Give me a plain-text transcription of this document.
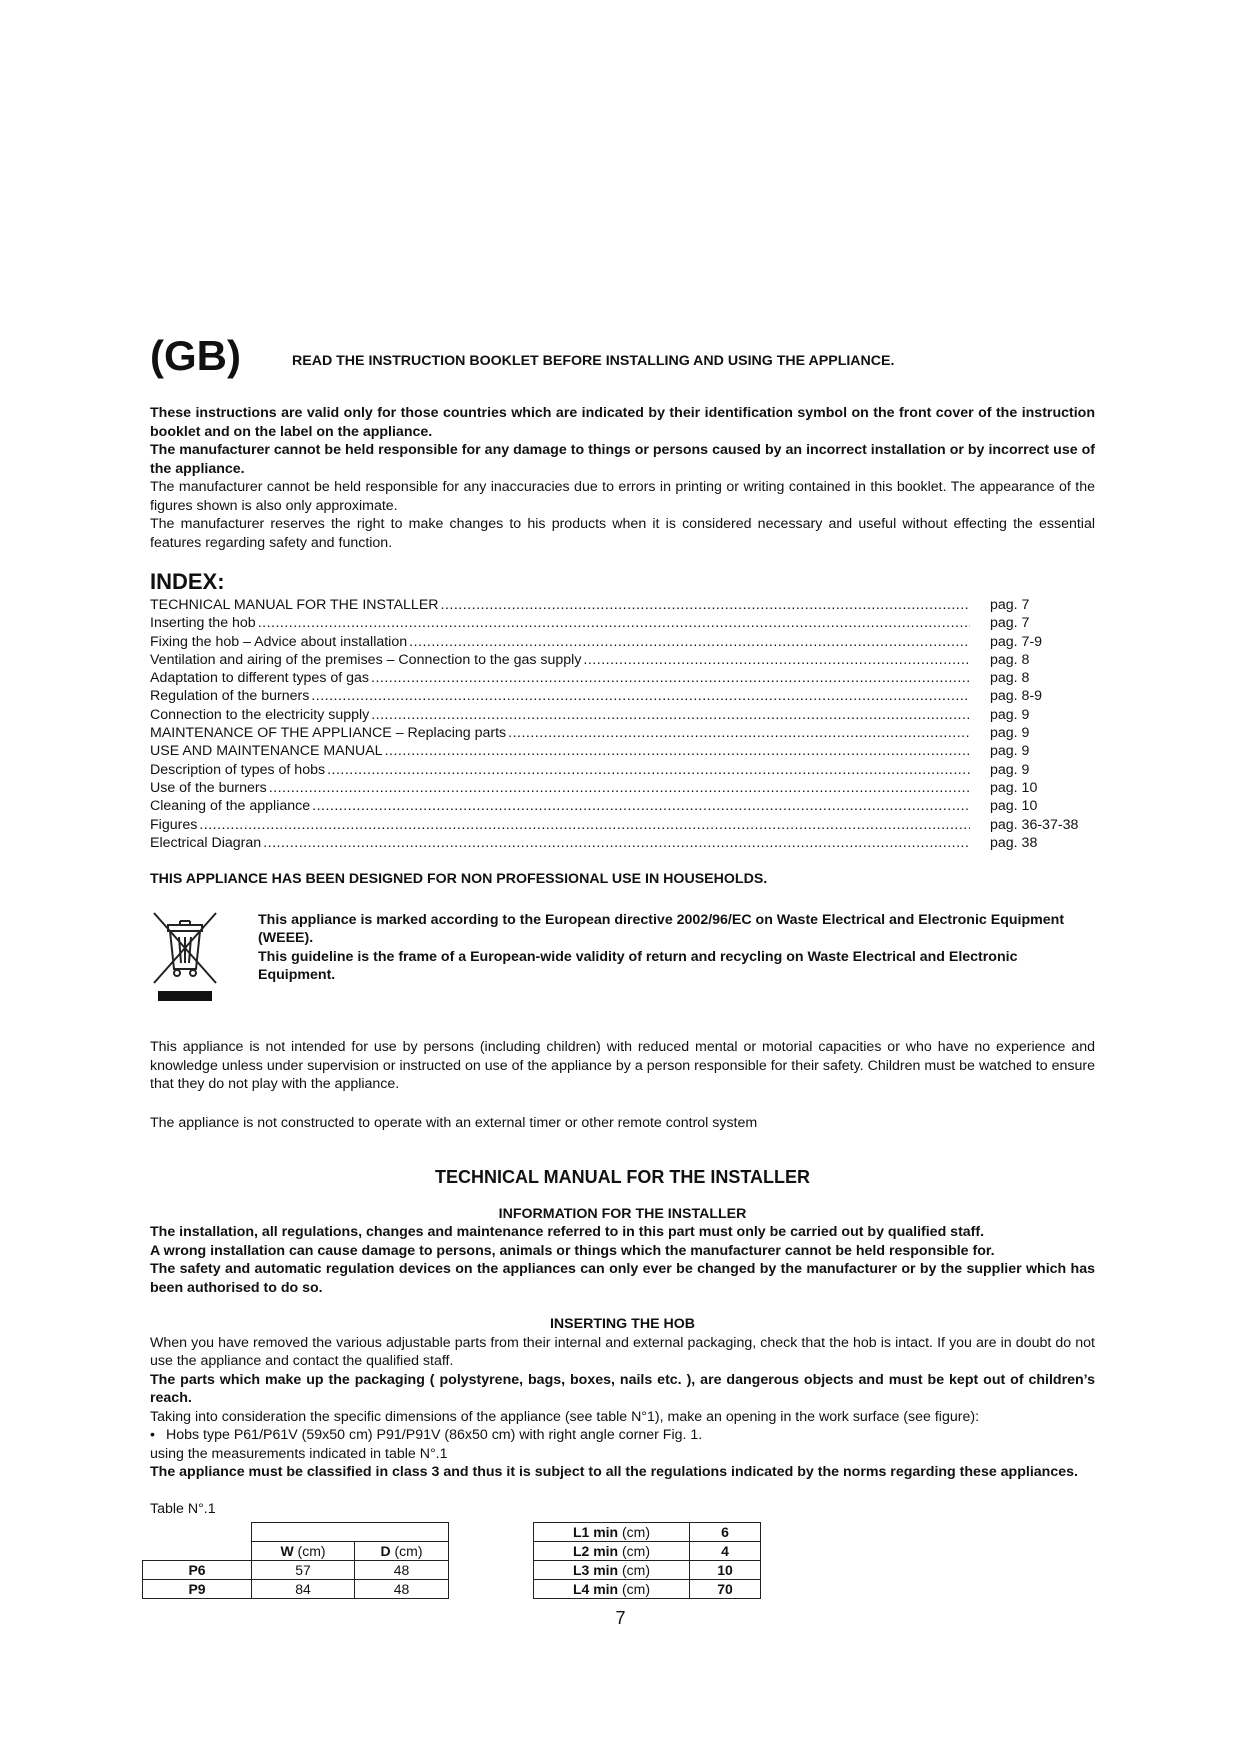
(GB)	READ THE INSTRUCTION BOOKLET BEFORE INSTALLING AND USING THE APPLIANCE.

These instructions are valid only for those countries which are indicated by their identification symbol on the front cover of the instruction booklet and on the label on the appliance.

The manufacturer cannot be held responsible for any damage to things or persons caused by an incorrect installation or by incorrect use of the appliance.

The manufacturer cannot be held responsible for any inaccuracies due to errors in printing or writing contained in this booklet. The appearance of the figures shown is also only approximate.

The manufacturer reserves the right to make changes to his products when it is considered necessary and useful without effecting the essential features regarding safety and function.

INDEX:
TECHNICAL MANUAL FOR THE INSTALLER .....	pag. 7
Inserting the hob .....	pag. 7
Fixing the hob – Advice about installation .....	pag. 7-9
Ventilation and airing of the premises – Connection to the gas supply .....	pag. 8
Adaptation to different types of gas .....	pag. 8
Regulation of the burners .....	pag. 8-9
Connection to the electricity supply .....	pag. 9
MAINTENANCE OF THE APPLIANCE – Replacing parts .....	pag. 9
USE AND MAINTENANCE MANUAL .....	pag. 9
Description of types of hobs .....	pag. 9
Use of the burners .....	pag. 10
Cleaning of the appliance .....	pag. 10
Figures .....	pag. 36-37-38
Electrical Diagran .....	pag. 38

THIS APPLIANCE HAS BEEN DESIGNED FOR NON PROFESSIONAL USE IN HOUSEHOLDS.

This appliance is marked according to the European directive 2002/96/EC on Waste Electrical and Electronic Equipment (WEEE).

This guideline is the frame of a European-wide validity of return and recycling on Waste Electrical and Electronic Equipment.

This appliance is not intended for use by persons (including children) with reduced mental or motorial capacities or who have no experience and knowledge unless under supervision or instructed on use of the appliance by a person responsible for their safety. Children must be watched to ensure that they do not play with the appliance.

The appliance is not constructed to operate with an external timer or other remote control system

TECHNICAL MANUAL FOR THE INSTALLER
INFORMATION FOR THE INSTALLER

The installation, all regulations, changes and maintenance referred to in this part must only be carried out by qualified staff.

A wrong installation can cause damage to persons, animals or things which the manufacturer cannot be held responsible for.

The safety and automatic regulation devices on the appliances can only ever be changed by the manufacturer or by the supplier which has been authorised to do so.

INSERTING THE HOB

When you have removed the various adjustable parts from their internal and external packaging, check that the hob is intact. If you are in doubt do not use the appliance and contact the qualified staff.

The parts which make up the packaging ( polystyrene, bags, boxes, nails etc. ), are dangerous objects and must be kept out of children’s reach.

Taking into consideration the specific dimensions of the appliance (see table N°1), make an opening in the work surface (see figure):

• Hobs type P61/P61V (59x50 cm) P91/P91V (86x50 cm) with right angle corner Fig. 1.

using the measurements indicated in table N°.1

The appliance must be classified in class 3 and thus it is subject to all the regulations indicated by the norms regarding these appliances.

Table N°.1

	W (cm)	D (cm)
P6	57	48
P9	84	48
L1 min (cm)	6
L2 min (cm)	4
L3 min (cm)	10
L4 min (cm)	70
7
